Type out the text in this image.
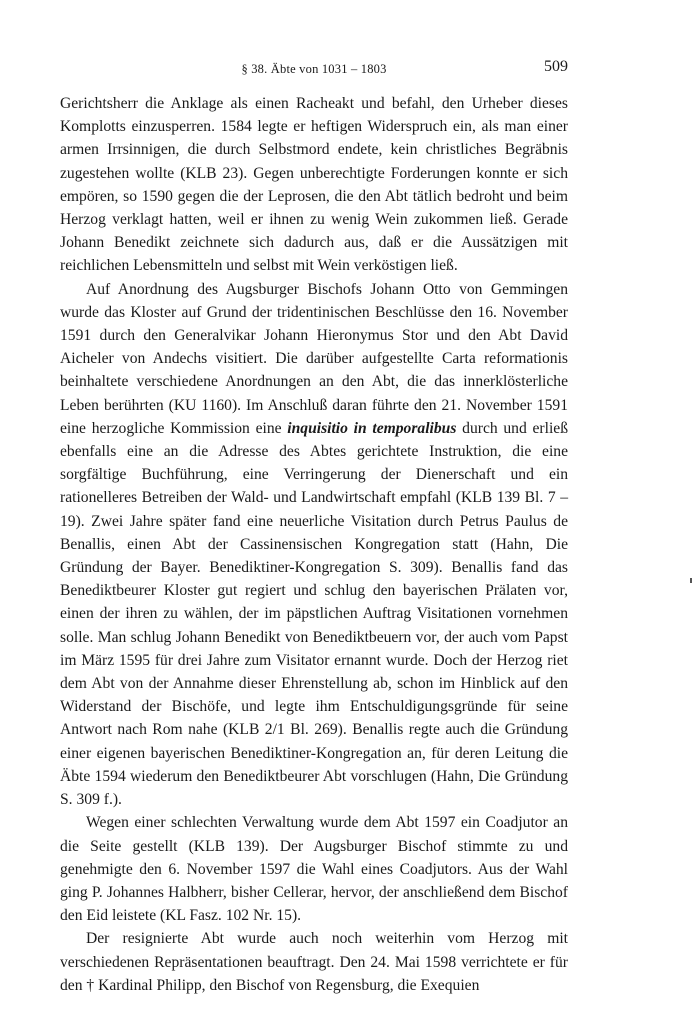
§ 38. Äbte von 1031 – 1803	509

Gerichtsherr die Anklage als einen Racheakt und befahl, den Urheber dieses Komplotts einzusperren. 1584 legte er heftigen Widerspruch ein, als man einer armen Irrsinnigen, die durch Selbstmord endete, kein christliches Begräbnis zugestehen wollte (KLB 23). Gegen unberechtigte Forderungen konnte er sich empören, so 1590 gegen die der Leprosen, die den Abt tätlich bedroht und beim Herzog verklagt hatten, weil er ihnen zu wenig Wein zukommen ließ. Gerade Johann Benedikt zeichnete sich dadurch aus, daß er die Aussätzigen mit reichlichen Lebensmitteln und selbst mit Wein verköstigen ließ.

Auf Anordnung des Augsburger Bischofs Johann Otto von Gemmingen wurde das Kloster auf Grund der tridentinischen Beschlüsse den 16. November 1591 durch den Generalvikar Johann Hieronymus Stor und den Abt David Aicheler von Andechs visitiert. Die darüber aufgestellte Carta reformationis beinhaltete verschiedene Anordnungen an den Abt, die das innerklösterliche Leben berührten (KU 1160). Im Anschluß daran führte den 21. November 1591 eine herzogliche Kommission eine inquisitio in temporalibus durch und erließ ebenfalls eine an die Adresse des Abtes gerichtete Instruktion, die eine sorgfältige Buchführung, eine Verringerung der Dienerschaft und ein rationelleres Betreiben der Wald- und Landwirtschaft empfahl (KLB 139 Bl. 7 – 19). Zwei Jahre später fand eine neuerliche Visitation durch Petrus Paulus de Benallis, einen Abt der Cassinensischen Kongregation statt (Hahn, Die Gründung der Bayer. Benediktiner-Kongregation S. 309). Benallis fand das Benediktbeurer Kloster gut regiert und schlug den bayerischen Prälaten vor, einen der ihren zu wählen, der im päpstlichen Auftrag Visitationen vornehmen solle. Man schlug Johann Benedikt von Benediktbeuern vor, der auch vom Papst im März 1595 für drei Jahre zum Visitator ernannt wurde. Doch der Herzog riet dem Abt von der Annahme dieser Ehrenstellung ab, schon im Hinblick auf den Widerstand der Bischöfe, und legte ihm Entschuldigungsgründe für seine Antwort nach Rom nahe (KLB 2/1 Bl. 269). Benallis regte auch die Gründung einer eigenen bayerischen Benediktiner-Kongregation an, für deren Leitung die Äbte 1594 wiederum den Benediktbeurer Abt vorschlugen (Hahn, Die Gründung S. 309 f.).

Wegen einer schlechten Verwaltung wurde dem Abt 1597 ein Coadjutor an die Seite gestellt (KLB 139). Der Augsburger Bischof stimmte zu und genehmigte den 6. November 1597 die Wahl eines Coadjutors. Aus der Wahl ging P. Johannes Halbherr, bisher Cellerar, hervor, der anschließend dem Bischof den Eid leistete (KL Fasz. 102 Nr. 15).

Der resignierte Abt wurde auch noch weiterhin vom Herzog mit verschiedenen Repräsentationen beauftragt. Den 24. Mai 1598 verrichtete er für den † Kardinal Philipp, den Bischof von Regensburg, die Exequien
